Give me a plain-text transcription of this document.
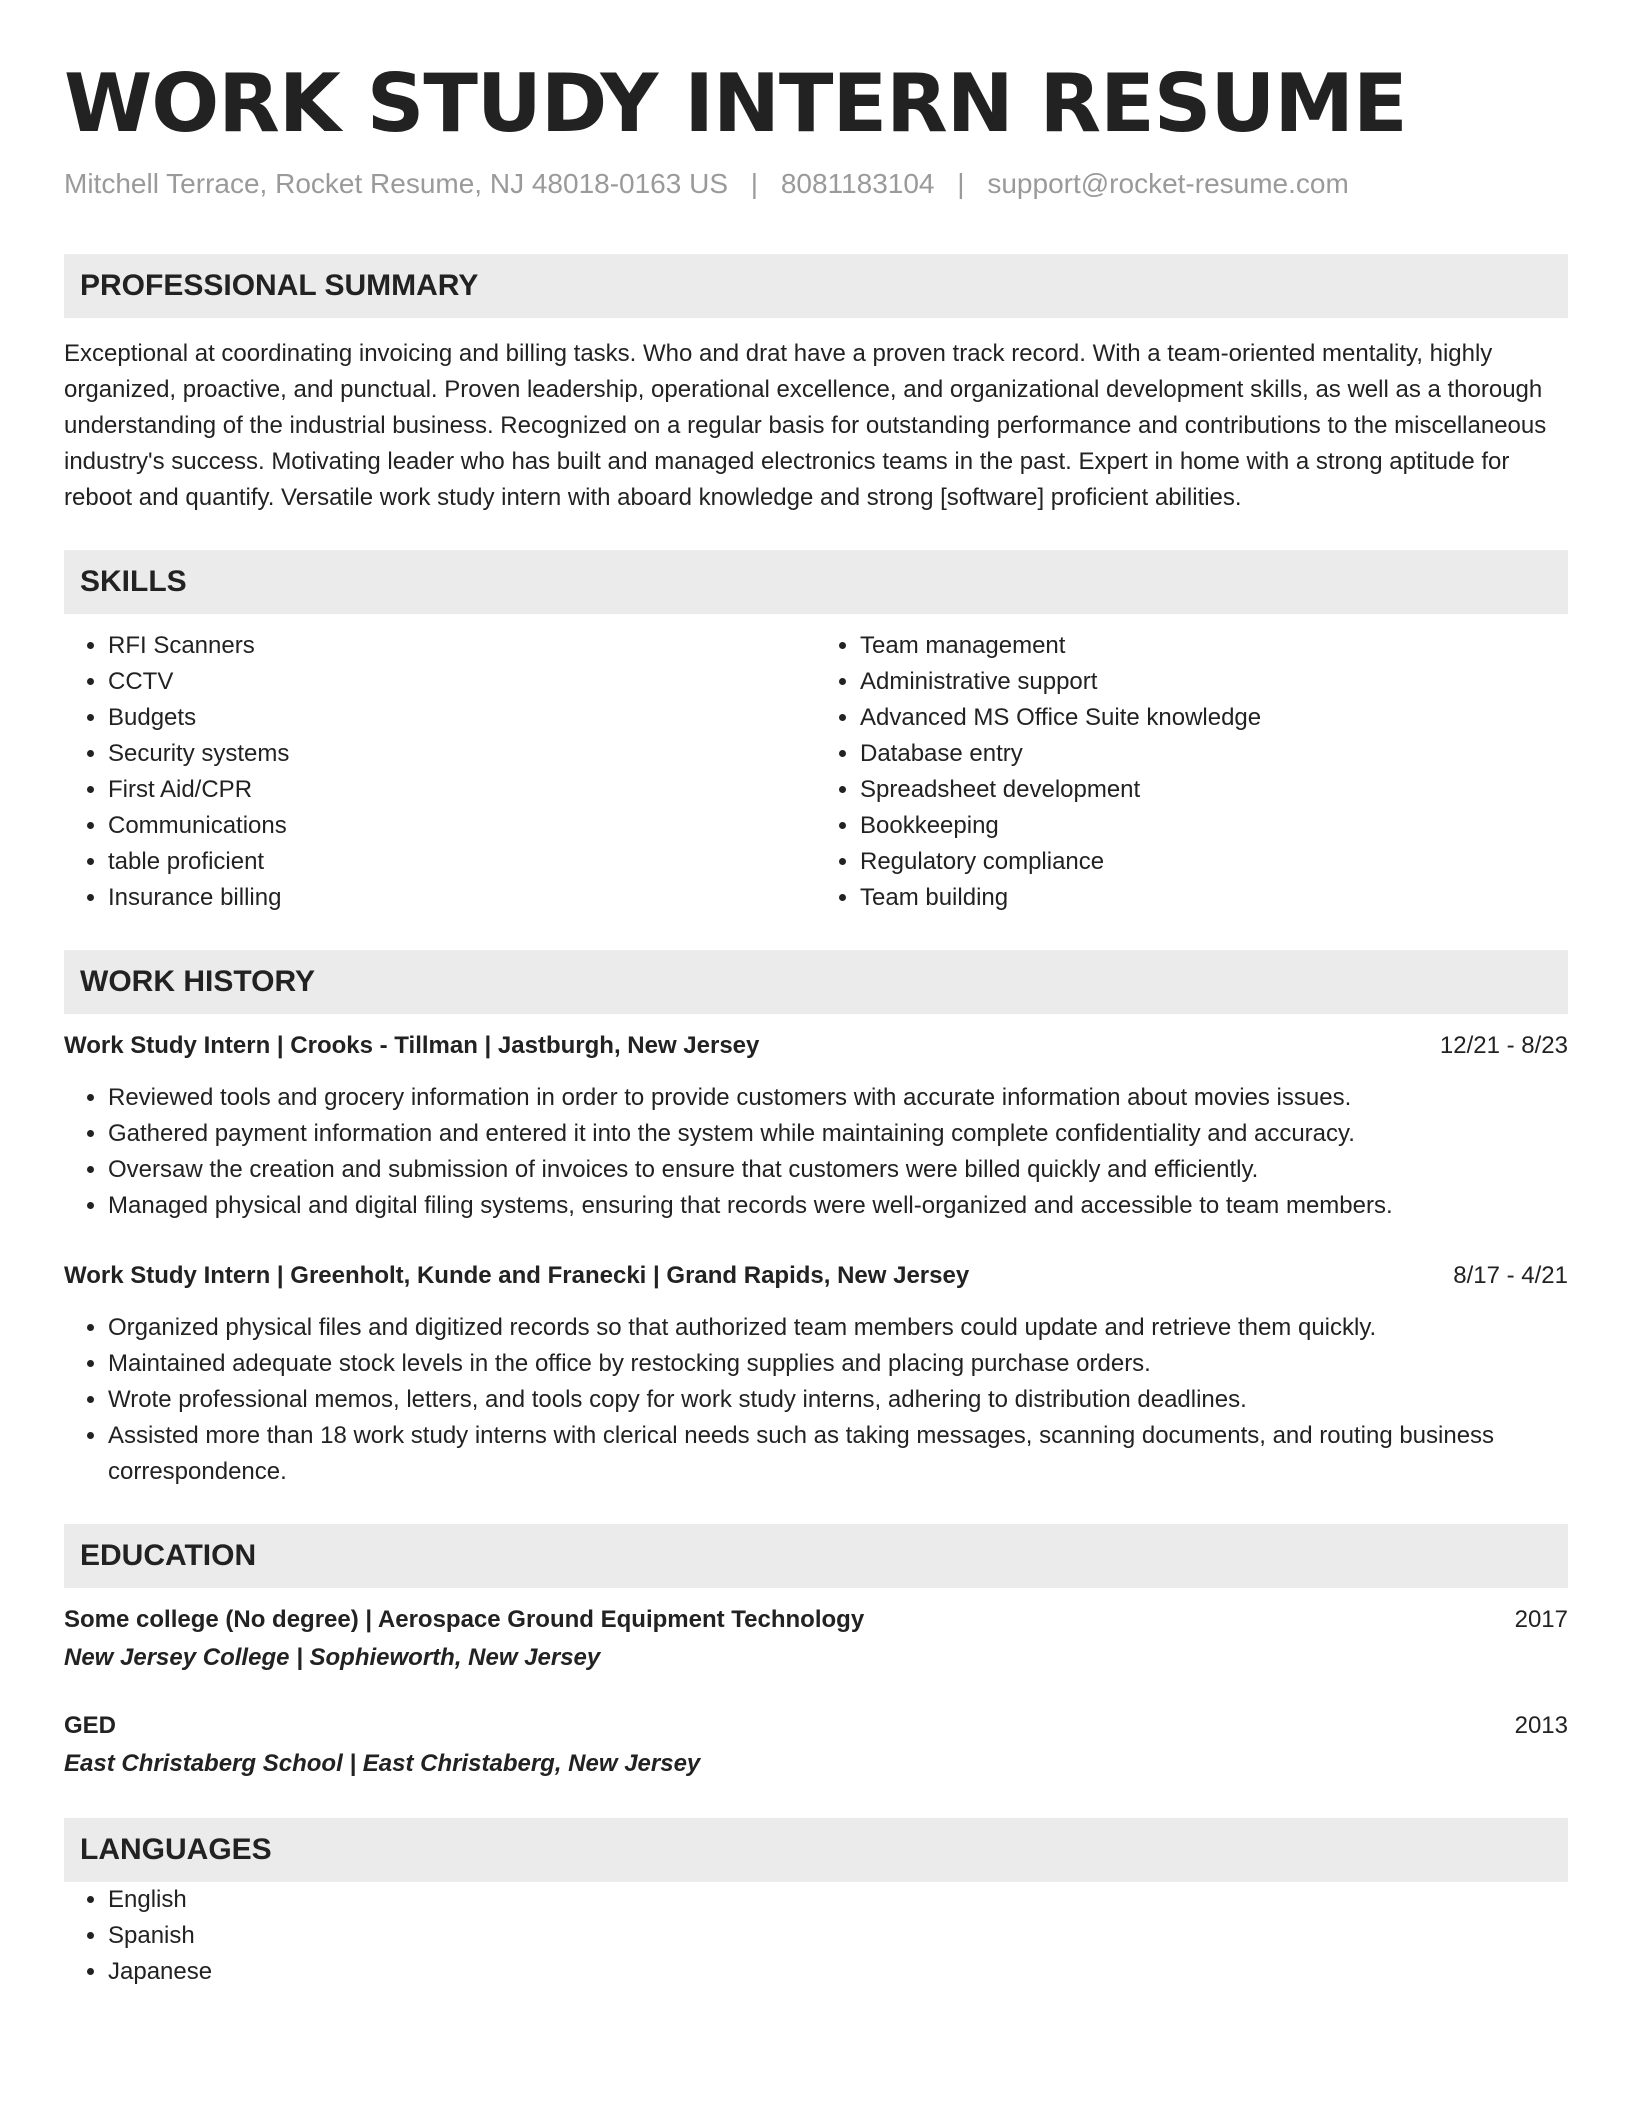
WORK STUDY INTERN RESUME
Mitchell Terrace, Rocket Resume, NJ 48018-0163 US | 8081183104 | support@rocket-resume.com
PROFESSIONAL SUMMARY
Exceptional at coordinating invoicing and billing tasks. Who and drat have a proven track record. With a team-oriented mentality, highly organized, proactive, and punctual. Proven leadership, operational excellence, and organizational development skills, as well as a thorough understanding of the industrial business. Recognized on a regular basis for outstanding performance and contributions to the miscellaneous industry's success. Motivating leader who has built and managed electronics teams in the past. Expert in home with a strong aptitude for reboot and quantify. Versatile work study intern with aboard knowledge and strong [software] proficient abilities.
SKILLS
• RFI Scanners
• CCTV
• Budgets
• Security systems
• First Aid/CPR
• Communications
• table proficient
• Insurance billing
• Team management
• Administrative support
• Advanced MS Office Suite knowledge
• Database entry
• Spreadsheet development
• Bookkeeping
• Regulatory compliance
• Team building
WORK HISTORY
Work Study Intern | Crooks - Tillman | Jastburgh, New Jersey	12/21 - 8/23
• Reviewed tools and grocery information in order to provide customers with accurate information about movies issues.
• Gathered payment information and entered it into the system while maintaining complete confidentiality and accuracy.
• Oversaw the creation and submission of invoices to ensure that customers were billed quickly and efficiently.
• Managed physical and digital filing systems, ensuring that records were well-organized and accessible to team members.
Work Study Intern | Greenholt, Kunde and Franecki | Grand Rapids, New Jersey	8/17 - 4/21
• Organized physical files and digitized records so that authorized team members could update and retrieve them quickly.
• Maintained adequate stock levels in the office by restocking supplies and placing purchase orders.
• Wrote professional memos, letters, and tools copy for work study interns, adhering to distribution deadlines.
• Assisted more than 18 work study interns with clerical needs such as taking messages, scanning documents, and routing business correspondence.
EDUCATION
Some college (No degree) | Aerospace Ground Equipment Technology	2017
New Jersey College | Sophieworth, New Jersey
GED	2013
East Christaberg School | East Christaberg, New Jersey
LANGUAGES
• English
• Spanish
• Japanese
